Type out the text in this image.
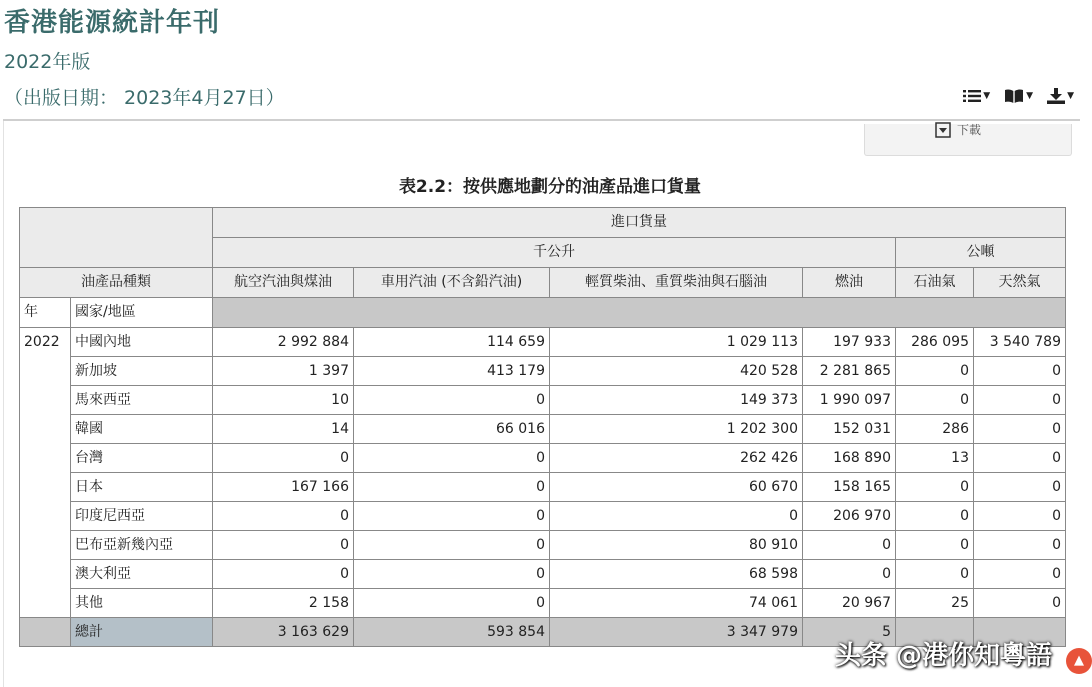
香港能源統計年刊
2022年版
（出版日期： 2023年4月27日）	▼	▼	▼
下載
表2.2：按供應地劃分的油產品進口貨量
		進口貨量					
		千公升				公噸	
油產品種類		航空汽油與煤油	車用汽油 (不含鉛汽油)	輕質柴油、重質柴油與石腦油	燃油	石油氣	天然氣
年	國家/地區						
2022	中國內地	2 992 884	114 659	1 029 113	197 933	286 095	3 540 789
	新加坡	1 397	413 179	420 528	2 281 865	0	0
	馬來西亞	10	0	149 373	1 990 097	0	0
	韓國	14	66 016	1 202 300	152 031	286	0
	台灣	0	0	262 426	168 890	13	0
	日本	167 166	0	60 670	158 165	0	0
	印度尼西亞	0	0	0	206 970	0	0
	巴布亞新幾內亞	0	0	80 910	0	0	0
	澳大利亞	0	0	68 598	0	0	0
	其他	2 158	0	74 061	20 967	25	0
	總計	3 163 629	593 854	3 347 979	5		
头条 @港你知粵語	▲
